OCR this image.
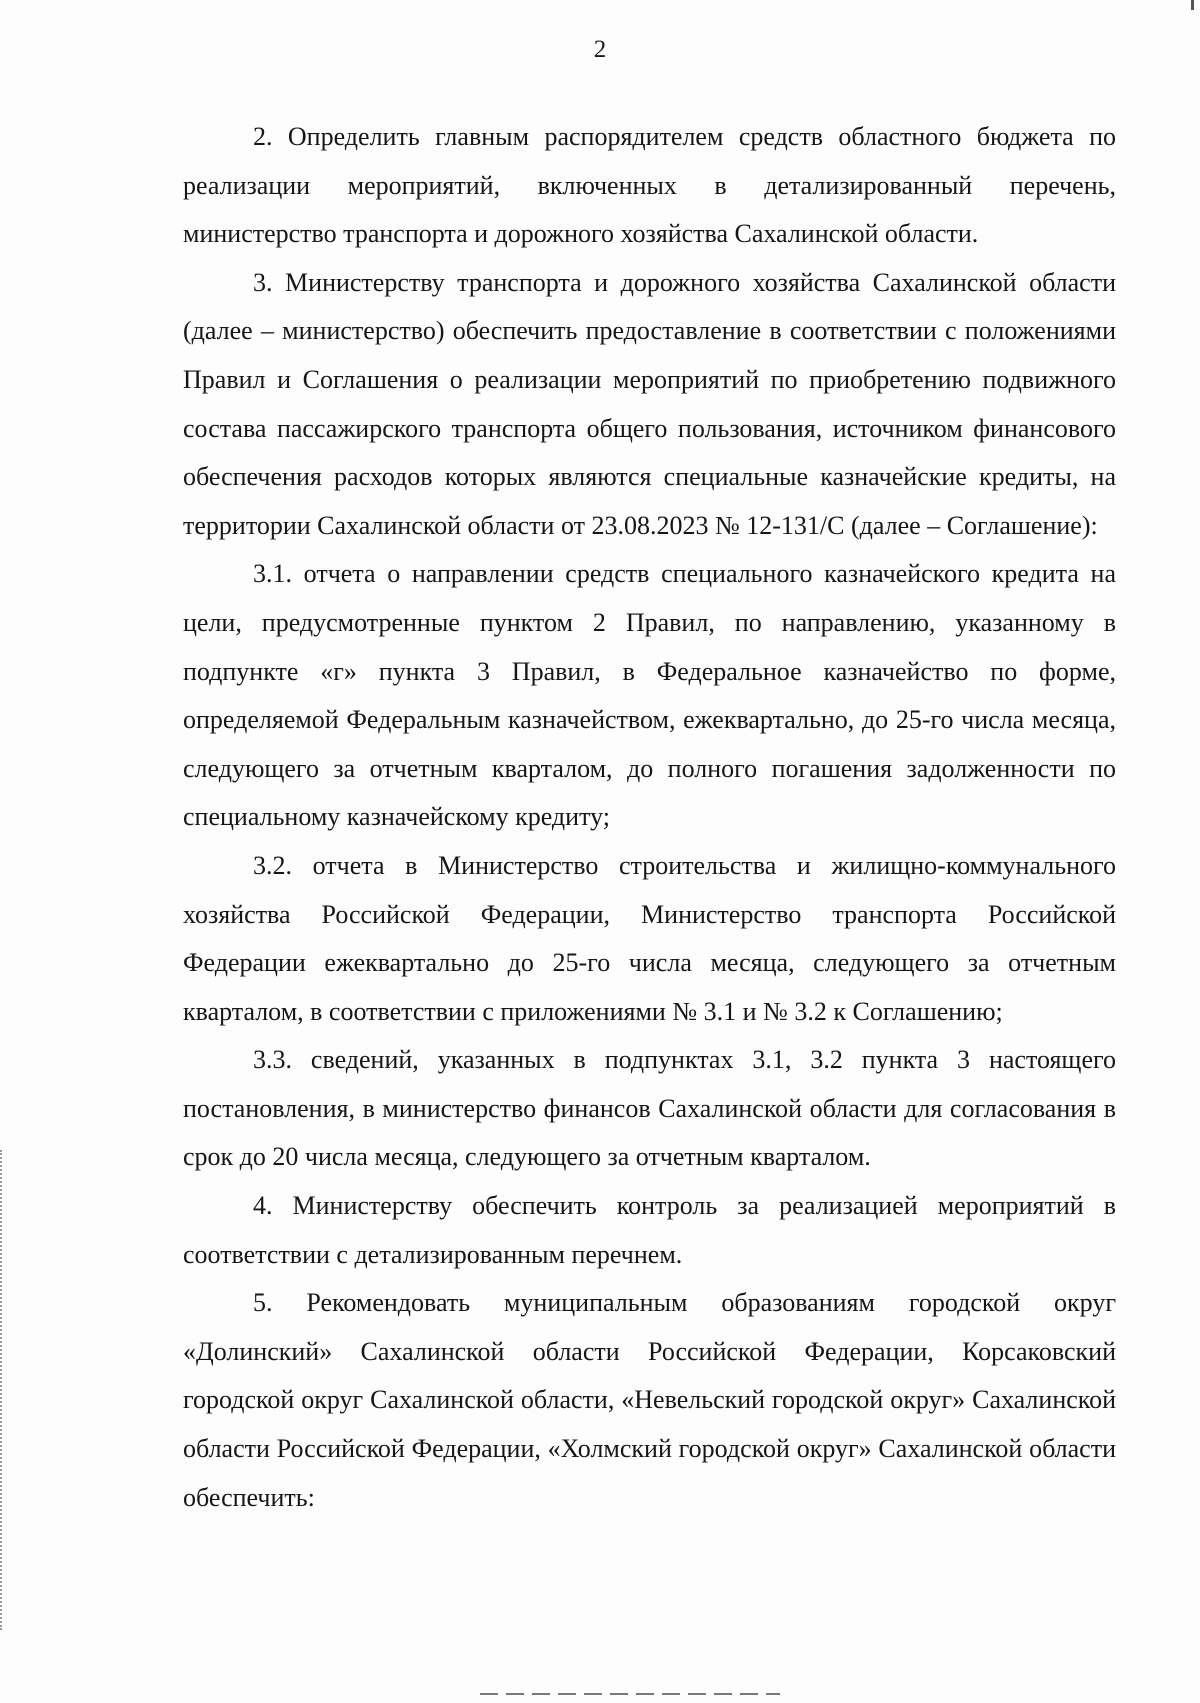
2

2. Определить главным распорядителем средств областного бюджета по реализации мероприятий, включенных в детализированный перечень, министерство транспорта и дорожного хозяйства Сахалинской области.

3. Министерству транспорта и дорожного хозяйства Сахалинской области (далее – министерство) обеспечить предоставление в соответствии с положениями Правил и Соглашения о реализации мероприятий по приобретению подвижного состава пассажирского транспорта общего пользования, источником финансового обеспечения расходов которых являются специальные казначейские кредиты, на территории Сахалинской области от 23.08.2023 № 12-131/С (далее – Соглашение):

3.1. отчета о направлении средств специального казначейского кредита на цели, предусмотренные пунктом 2 Правил, по направлению, указанному в подпункте «г» пункта 3 Правил, в Федеральное казначейство по форме, определяемой Федеральным казначейством, ежеквартально, до 25-го числа месяца, следующего за отчетным кварталом, до полного погашения задолженности по специальному казначейскому кредиту;

3.2. отчета в Министерство строительства и жилищно-коммунального хозяйства Российской Федерации, Министерство транспорта Российской Федерации ежеквартально до 25-го числа месяца, следующего за отчетным кварталом, в соответствии с приложениями № 3.1 и № 3.2 к Соглашению;

3.3. сведений, указанных в подпунктах 3.1, 3.2 пункта 3 настоящего постановления, в министерство финансов Сахалинской области для согласования в срок до 20 числа месяца, следующего за отчетным кварталом.

4. Министерству обеспечить контроль за реализацией мероприятий в соответствии с детализированным перечнем.

5. Рекомендовать муниципальным образованиям городской округ «Долинский» Сахалинской области Российской Федерации, Корсаковский городской округ Сахалинской области, «Невельский городской округ» Сахалинской области Российской Федерации, «Холмский городской округ» Сахалинской области обеспечить:
